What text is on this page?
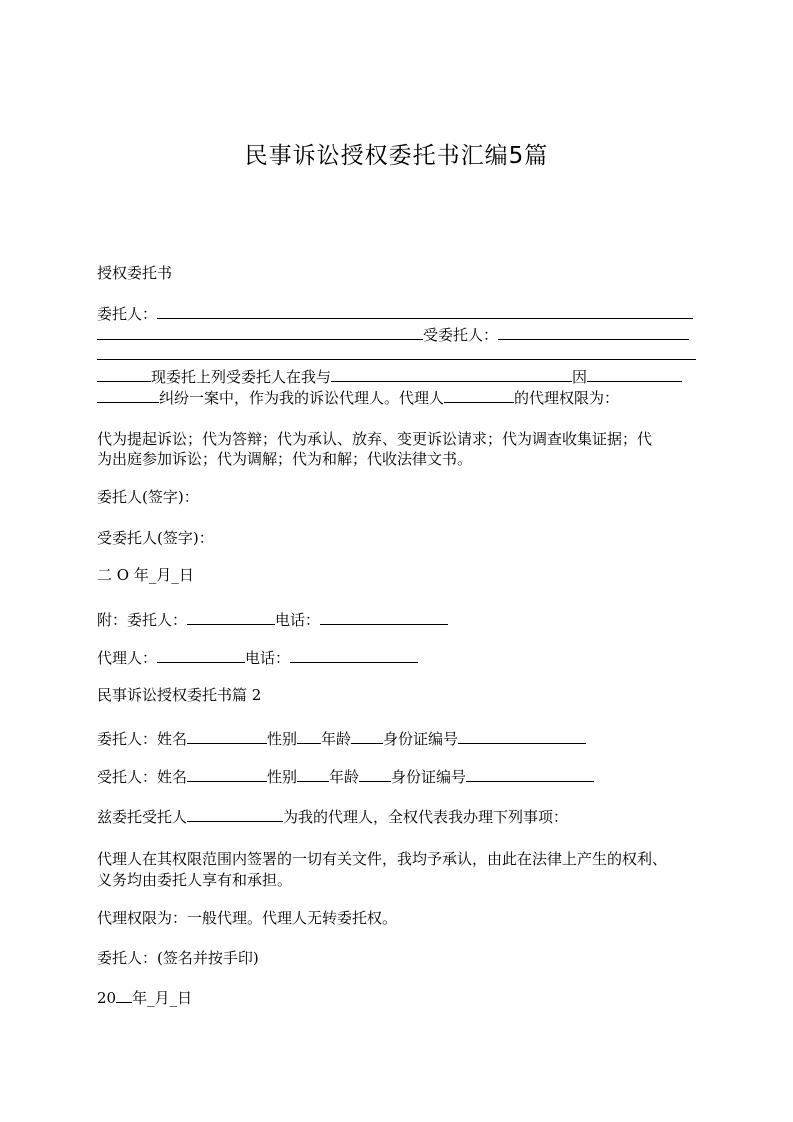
民事诉讼授权委托书汇编5篇
授权委托书
委托人：
受委托人：
现委托上列受委托人在我与	因
纠纷一案中，作为我的诉讼代理人。代理人	的代理权限为：
代为提起诉讼；代为答辩；代为承认、放弃、变更诉讼请求；代为调查收集证据；代
为出庭参加诉讼；代为调解；代为和解；代收法律文书。
委托人(签字)：
受委托人(签字)：
二 O 年_月_日
附：委托人：	电话：
代理人：	电话：
民事诉讼授权委托书篇 2
委托人：姓名	性别 年龄 身份证编号
受托人：姓名	性别 年龄 身份证编号
兹委托受托人	为我的代理人，全权代表我办理下列事项：
代理人在其权限范围内签署的一切有关文件，我均予承认，由此在法律上产生的权利、
义务均由委托人享有和承担。
代理权限为：一般代理。代理人无转委托权。
委托人：(签名并按手印)
20 年_月_日
